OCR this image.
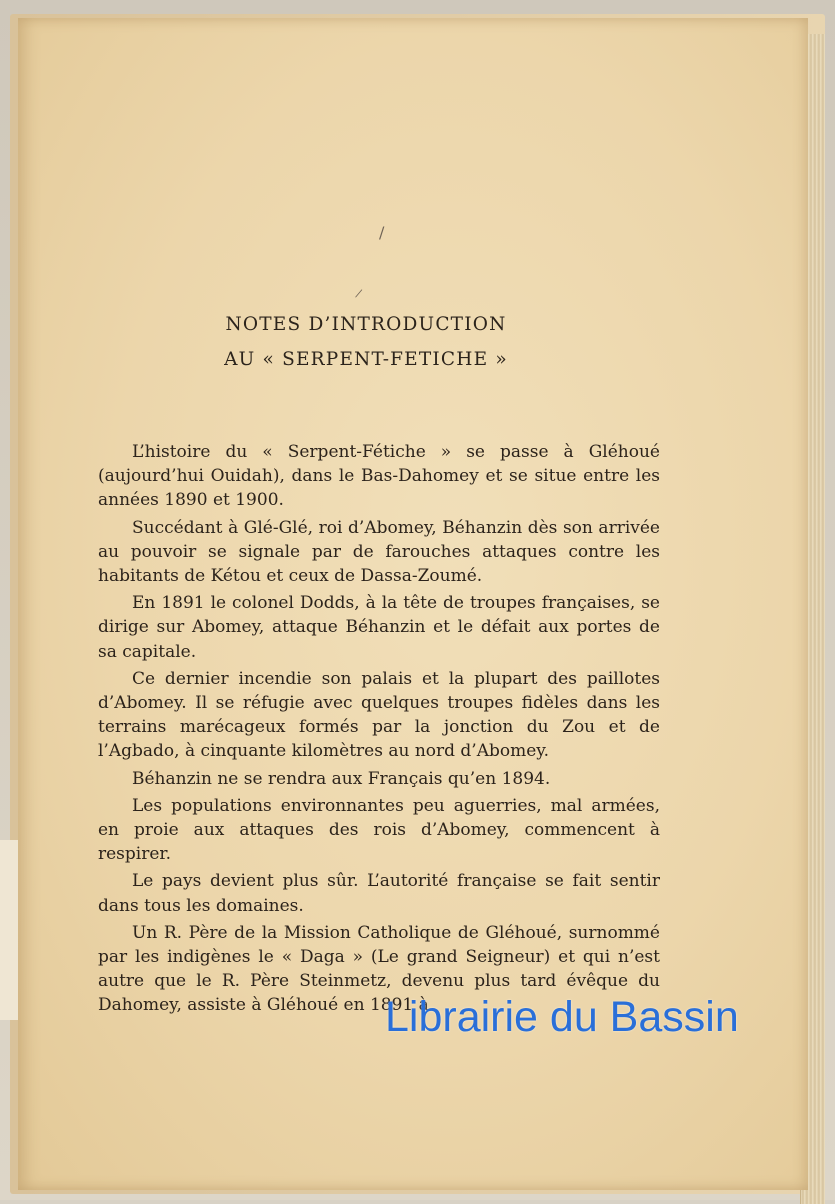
/
|
NOTES D’INTRODUCTION
AU « SERPENT-FETICHE »

L’histoire du « Serpent-Fétiche » se passe à Gléhoué (aujourd’hui Ouidah), dans le Bas-Dahomey et se situe entre les années 1890 et 1900.

Succédant à Glé-Glé, roi d’Abomey, Béhanzin dès son arrivée au pouvoir se signale par de farouches attaques contre les habitants de Kétou et ceux de Dassa-Zoumé.

En 1891 le colonel Dodds, à la tête de troupes françaises, se dirige sur Abomey, attaque Béhanzin et le défait aux portes de sa capitale.

Ce dernier incendie son palais et la plupart des paillotes d’Abomey. Il se réfugie avec quelques troupes fidèles dans les terrains marécageux formés par la jonction du Zou et de l’Agbado, à cinquante kilomètres au nord d’Abomey.

Béhanzin ne se rendra aux Français qu’en 1894.

Les populations environnantes peu aguerries, mal armées, en proie aux attaques des rois d’Abomey, commencent à respirer.

Le pays devient plus sûr. L’autorité française se fait sentir dans tous les domaines.

Un R. Père de la Mission Catholique de Gléhoué, surnommé par les indigènes le « Daga » (Le grand Seigneur) et qui n’est autre que le R. Père Steinmetz, devenu plus tard évêque du Dahomey, assiste à Gléhoué en 1891 à

Librairie du Bassin
